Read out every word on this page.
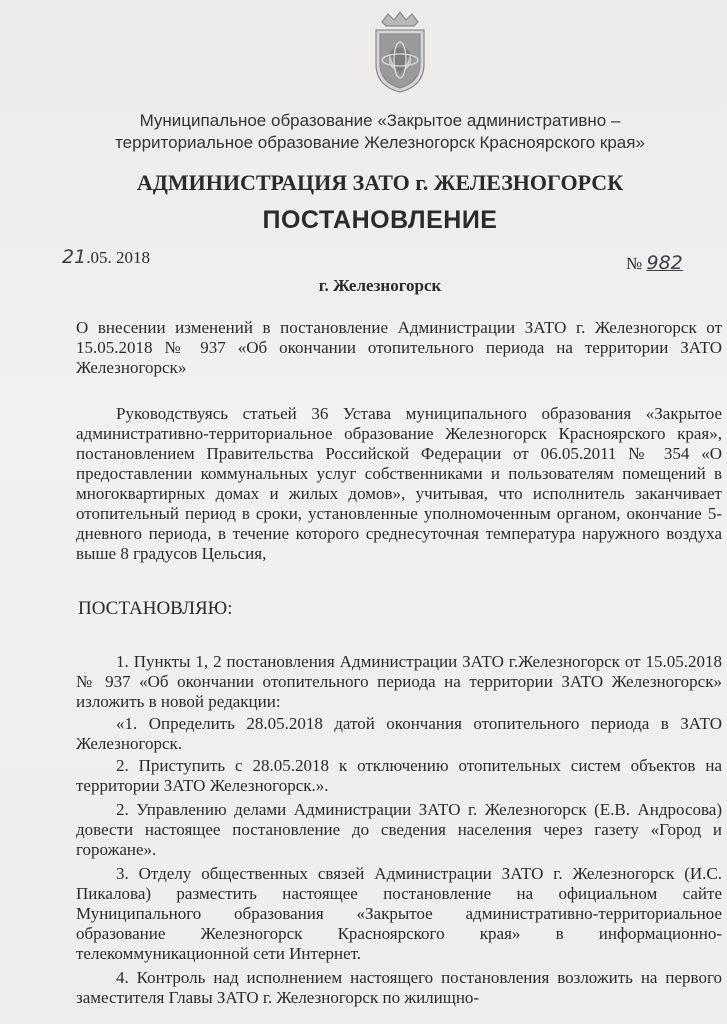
Муниципальное образование «Закрытое административно –
территориальное образование Железногорск Красноярского края»
АДМИНИСТРАЦИЯ ЗАТО г. ЖЕЛЕЗНОГОРСК
ПОСТАНОВЛЕНИЕ
21.05. 2018	№ 982
г. Железногорск
О внесении изменений в постановление Администрации ЗАТО г. Железногорск от 15.05.2018 № 937 «Об окончании отопительного периода на территории ЗАТО Железногорск»
Руководствуясь статьей 36 Устава муниципального образования «Закрытое административно-территориальное образование Железногорск Красноярского края», постановлением Правительства Российской Федерации от 06.05.2011 № 354 «О предоставлении коммунальных услуг собственниками и пользователям помещений в многоквартирных домах и жилых домов», учитывая, что исполнитель заканчивает отопительный период в сроки, установленные уполномоченным органом, окончание 5-дневного периода, в течение которого среднесуточная температура наружного воздуха выше 8 градусов Цельсия,
ПОСТАНОВЛЯЮ:
1. Пункты 1, 2 постановления Администрации ЗАТО г.Железногорск от 15.05.2018 № 937 «Об окончании отопительного периода на территории ЗАТО Железногорск» изложить в новой редакции:
«1. Определить 28.05.2018 датой окончания отопительного периода в ЗАТО Железногорск.
2. Приступить с 28.05.2018 к отключению отопительных систем объектов на территории ЗАТО Железногорск.».
2. Управлению делами Администрации ЗАТО г. Железногорск (Е.В. Андросова) довести настоящее постановление до сведения населения через газету «Город и горожане».
3. Отделу общественных связей Администрации ЗАТО г. Железногорск (И.С. Пикалова) разместить настоящее постановление на официальном сайте Муниципального образования «Закрытое административно-территориальное образование Железногорск Красноярского края» в информационно-телекоммуникационной сети Интернет.
4. Контроль над исполнением настоящего постановления возложить на первого заместителя Главы ЗАТО г. Железногорск по жилищно-
